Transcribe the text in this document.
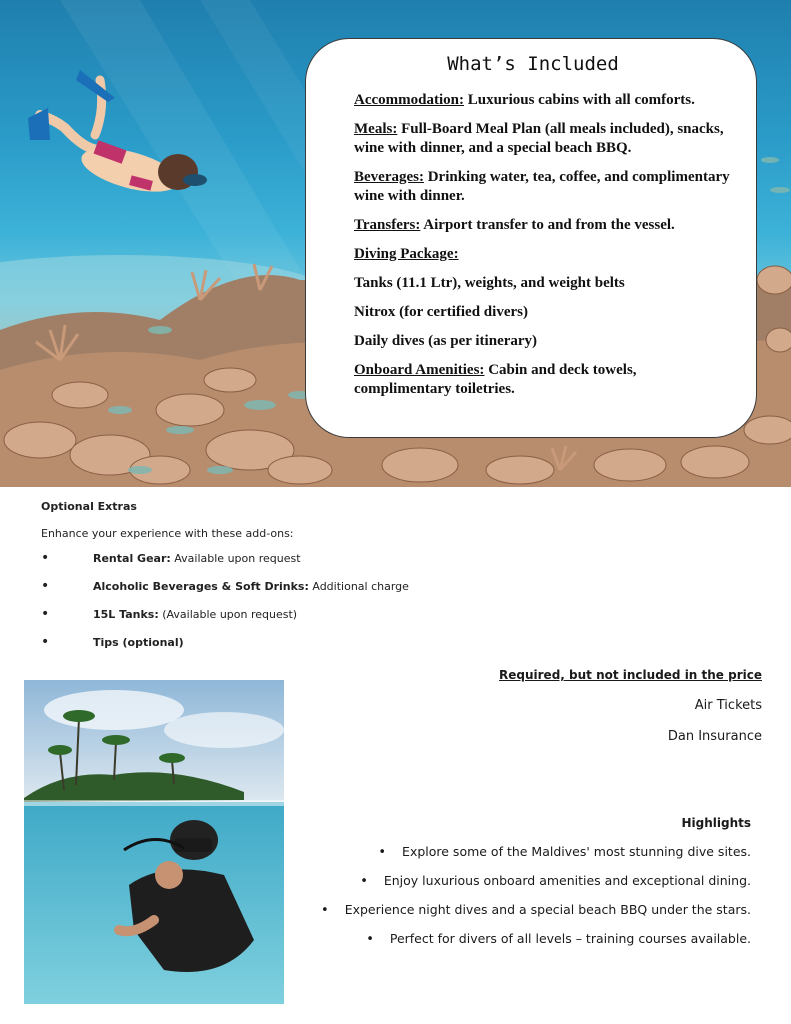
What’s Included
Accommodation: Luxurious cabins with all comforts.
Meals: Full-Board Meal Plan (all meals included), snacks, wine with dinner, and a special beach BBQ.
Beverages: Drinking water, tea, coffee, and complimentary wine with dinner.
Transfers: Airport transfer to and from the vessel.
Diving Package:
Tanks (11.1 Ltr), weights, and weight belts
Nitrox (for certified divers)
Daily dives (as per itinerary)
Onboard Amenities: Cabin and deck towels, complimentary toiletries.
Optional Extras

Enhance your experience with these add-ons:

• Rental Gear: Available upon request
• Alcoholic Beverages & Soft Drinks: Additional charge
• 15L Tanks: (Available upon request)
• Tips (optional)
Required, but not included in the price

Air Tickets

Dan Insurance

Highlights
• Explore some of the Maldives' most stunning dive sites.
• Enjoy luxurious onboard amenities and exceptional dining.
• Experience night dives and a special beach BBQ under the stars.
• Perfect for divers of all levels – training courses available.
